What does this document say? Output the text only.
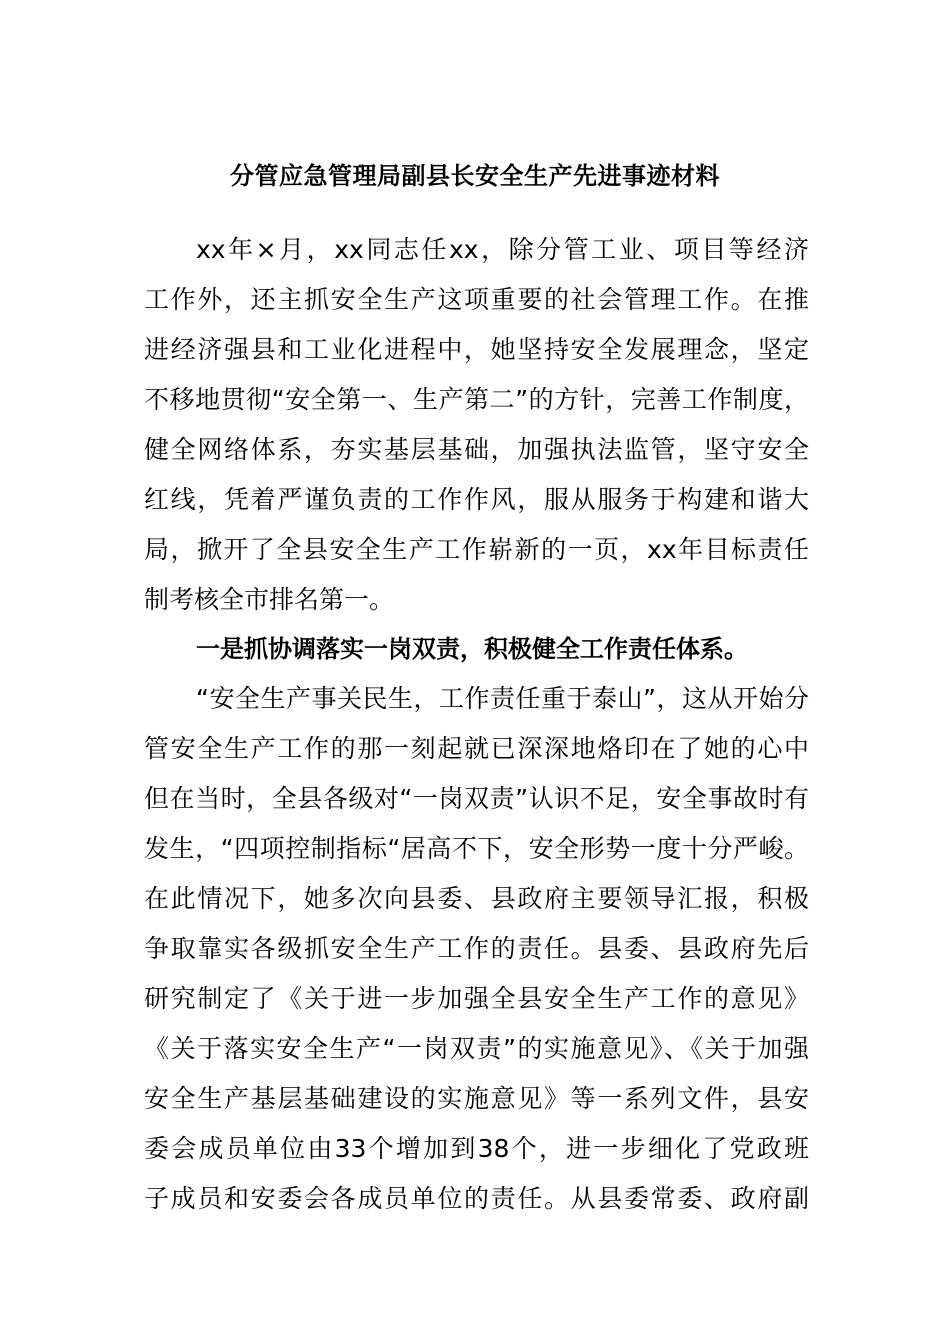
分管应急管理局副县长安全生产先进事迹材料
xx年×月，xx同志任xx，除分管工业、项目等经济
工作外，还主抓安全生产这项重要的社会管理工作。在推
进经济强县和工业化进程中，她坚持安全发展理念，坚定
不移地贯彻“安全第一、生产第二”的方针，完善工作制度，
健全网络体系，夯实基层基础，加强执法监管，坚守安全
红线，凭着严谨负责的工作作风，服从服务于构建和谐大
局，掀开了全县安全生产工作崭新的一页，xx年目标责任
制考核全市排名第一。
一是抓协调落实一岗双责，积极健全工作责任体系。
“安全生产事关民生，工作责任重于泰山”，这从开始分
管安全生产工作的那一刻起就已深深地烙印在了她的心中
但在当时，全县各级对“一岗双责”认识不足，安全事故时有
发生，“四项控制指标“居高不下，安全形势一度十分严峻。
在此情况下，她多次向县委、县政府主要领导汇报，积极
争取靠实各级抓安全生产工作的责任。县委、县政府先后
研究制定了《关于进一步加强全县安全生产工作的意见》
《关于落实安全生产“一岗双责”的实施意见》、《关于加强
安全生产基层基础建设的实施意见》等一系列文件，县安
委会成员单位由33个增加到38个，进一步细化了党政班
子成员和安委会各成员单位的责任。从县委常委、政府副
